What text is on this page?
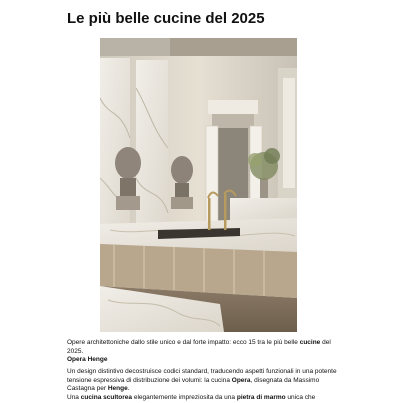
Le più belle cucine del 2025

Opere architettoniche dallo stile unico e dal forte impatto: ecco 15 tra le più belle cucine del 2025.

Opera Henge

Un design distintivo decostruisce codici standard, traducendo aspetti funzionali in una potente tensione espressiva di distribuzione dei volumi: la cucina Opera, disegnata da Massimo Castagna per Henge.

Una cucina scultorea elegantemente impreziosita da una pietra di marmo unica che
